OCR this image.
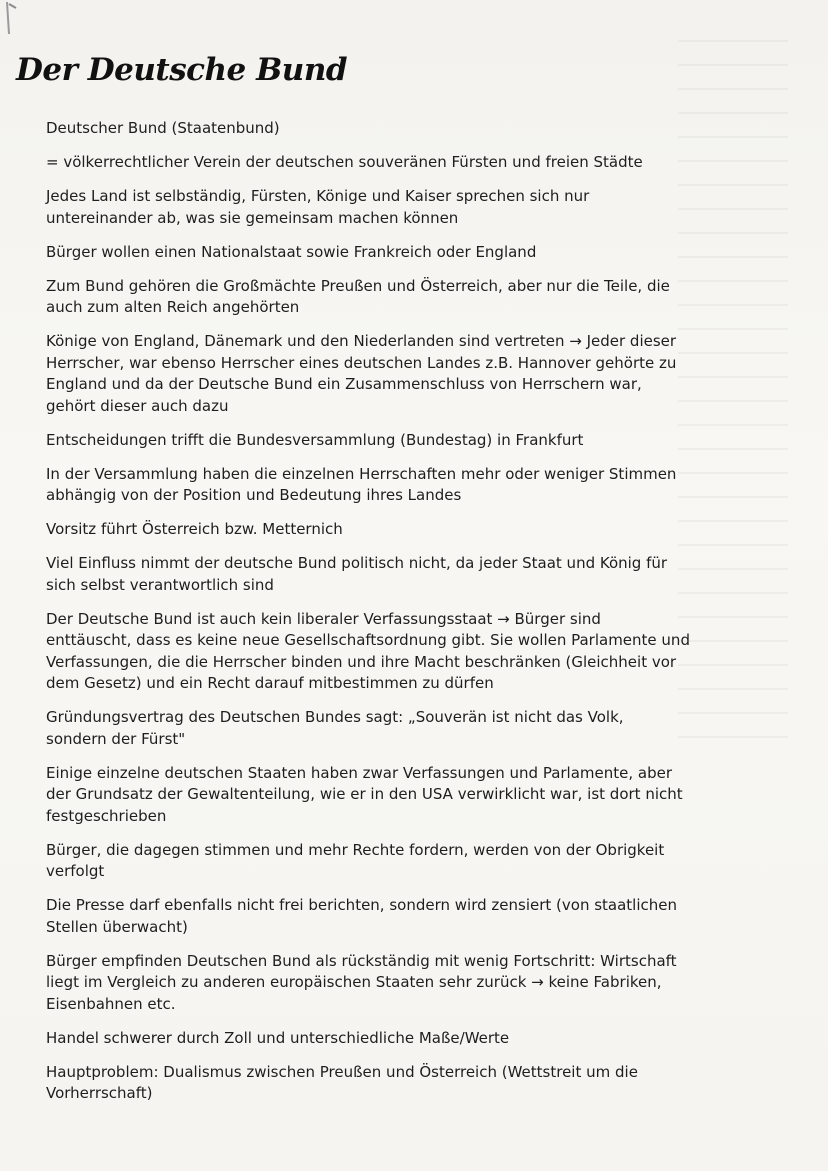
Der Deutsche Bund
Deutscher Bund (Staatenbund)
= völkerrechtlicher Verein der deutschen souveränen Fürsten und freien Städte
Jedes Land ist selbständig, Fürsten, Könige und Kaiser sprechen sich nur
untereinander ab, was sie gemeinsam machen können
Bürger wollen einen Nationalstaat sowie Frankreich oder England
Zum Bund gehören die Großmächte Preußen und Österreich, aber nur die Teile, die
auch zum alten Reich angehörten
Könige von England, Dänemark und den Niederlanden sind vertreten → Jeder dieser
Herrscher, war ebenso Herrscher eines deutschen Landes z.B. Hannover gehörte zu
England und da der Deutsche Bund ein Zusammenschluss von Herrschern war,
gehört dieser auch dazu
Entscheidungen trifft die Bundesversammlung (Bundestag) in Frankfurt
In der Versammlung haben die einzelnen Herrschaften mehr oder weniger Stimmen
abhängig von der Position und Bedeutung ihres Landes
Vorsitz führt Österreich bzw. Metternich
Viel Einfluss nimmt der deutsche Bund politisch nicht, da jeder Staat und König für
sich selbst verantwortlich sind
Der Deutsche Bund ist auch kein liberaler Verfassungsstaat → Bürger sind
enttäuscht, dass es keine neue Gesellschaftsordnung gibt. Sie wollen Parlamente und
Verfassungen, die die Herrscher binden und ihre Macht beschränken (Gleichheit vor
dem Gesetz) und ein Recht darauf mitbestimmen zu dürfen
Gründungsvertrag des Deutschen Bundes sagt: „Souverän ist nicht das Volk,
sondern der Fürst"
Einige einzelne deutschen Staaten haben zwar Verfassungen und Parlamente, aber
der Grundsatz der Gewaltenteilung, wie er in den USA verwirklicht war, ist dort nicht
festgeschrieben
Bürger, die dagegen stimmen und mehr Rechte fordern, werden von der Obrigkeit
verfolgt
Die Presse darf ebenfalls nicht frei berichten, sondern wird zensiert (von staatlichen
Stellen überwacht)
Bürger empfinden Deutschen Bund als rückständig mit wenig Fortschritt: Wirtschaft
liegt im Vergleich zu anderen europäischen Staaten sehr zurück → keine Fabriken,
Eisenbahnen etc.
Handel schwerer durch Zoll und unterschiedliche Maße/Werte
Hauptproblem: Dualismus zwischen Preußen und Österreich (Wettstreit um die
Vorherrschaft)
